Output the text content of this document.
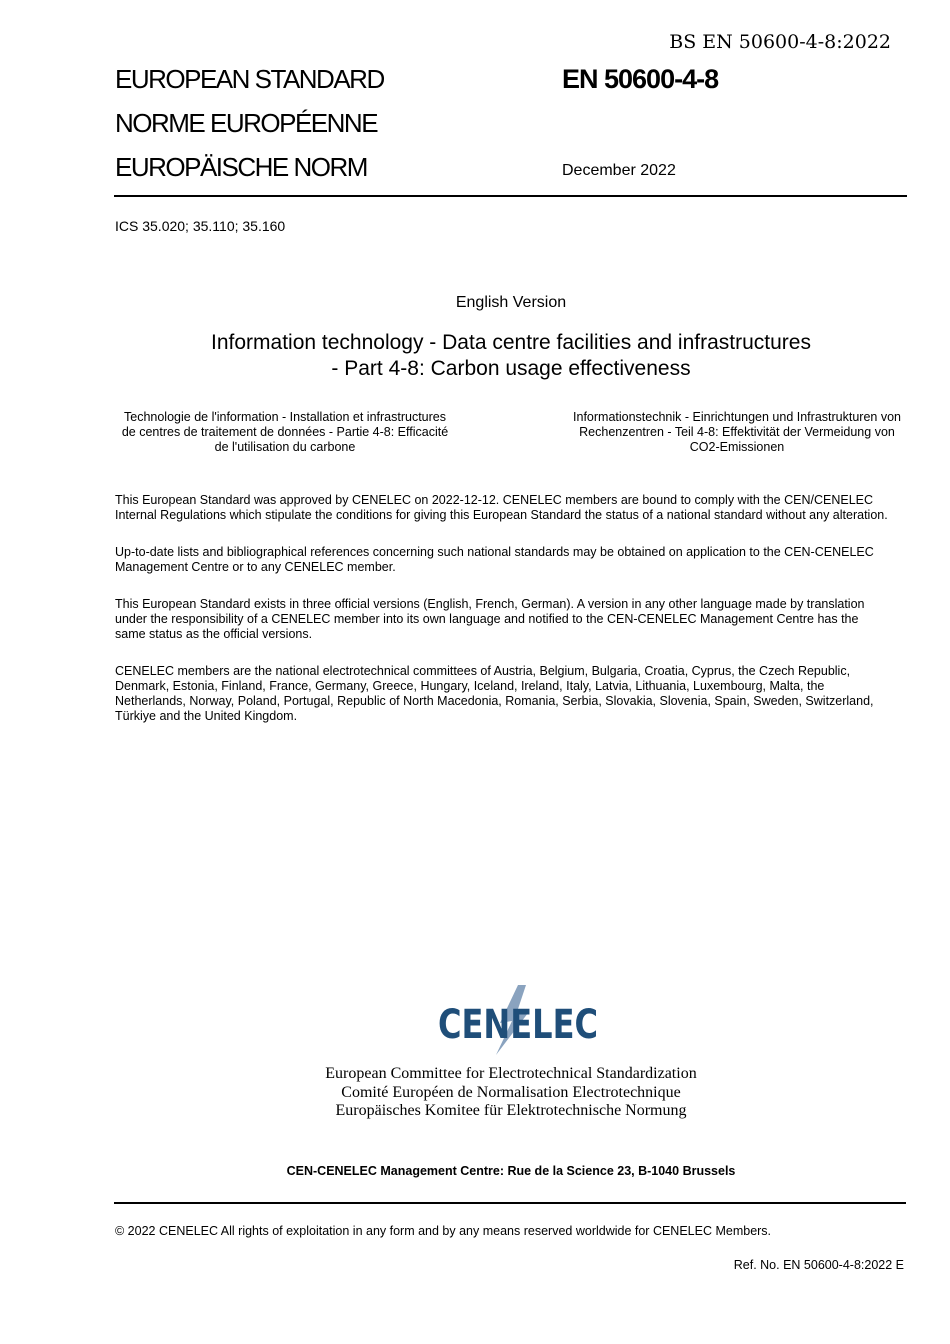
BS EN 50600-4-8:2022
EUROPEAN STANDARD
NORME EUROPÉENNE
EUROPÄISCHE NORM
EN 50600-4-8
December 2022
ICS 35.020; 35.110; 35.160
English Version
Information technology - Data centre facilities and infrastructures
- Part 4-8: Carbon usage effectiveness
Technologie de l'information - Installation et infrastructures
de centres de traitement de données - Partie 4-8: Efficacité
de l'utilisation du carbone
Informationstechnik - Einrichtungen und Infrastrukturen von
Rechenzentren - Teil 4-8: Effektivität der Vermeidung von
CO2-Emissionen

This European Standard was approved by CENELEC on 2022-12-12. CENELEC members are bound to comply with the CEN/CENELEC
Internal Regulations which stipulate the conditions for giving this European Standard the status of a national standard without any alteration.

Up-to-date lists and bibliographical references concerning such national standards may be obtained on application to the CEN-CENELEC
Management Centre or to any CENELEC member.

This European Standard exists in three official versions (English, French, German). A version in any other language made by translation
under the responsibility of a CENELEC member into its own language and notified to the CEN-CENELEC Management Centre has the
same status as the official versions.

CENELEC members are the national electrotechnical committees of Austria, Belgium, Bulgaria, Croatia, Cyprus, the Czech Republic,
Denmark, Estonia, Finland, France, Germany, Greece, Hungary, Iceland, Ireland, Italy, Latvia, Lithuania, Luxembourg, Malta, the
Netherlands, Norway, Poland, Portugal, Republic of North Macedonia, Romania, Serbia, Slovakia, Slovenia, Spain, Sweden, Switzerland,
Türkiye and the United Kingdom.

CENELEC
European Committee for Electrotechnical Standardization
Comité Européen de Normalisation Electrotechnique
Europäisches Komitee für Elektrotechnische Normung
CEN-CENELEC Management Centre: Rue de la Science 23, B-1040 Brussels
© 2022 CENELEC All rights of exploitation in any form and by any means reserved worldwide for CENELEC Members.
Ref. No. EN 50600-4-8:2022 E
